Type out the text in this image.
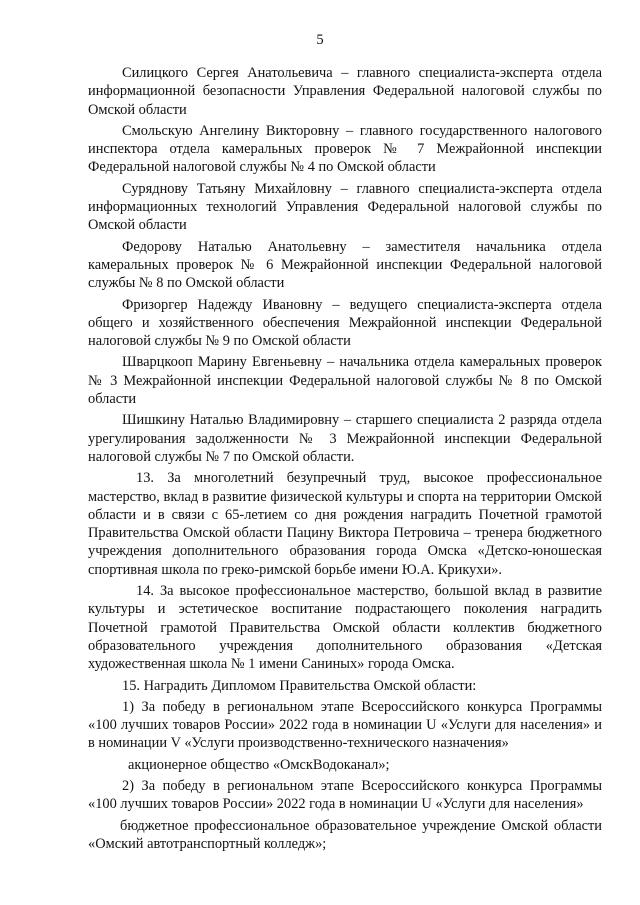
5

Силицкого Сергея Анатольевича – главного специалиста-эксперта отдела информационной безопасности Управления Федеральной налоговой службы по Омской области

Смольскую Ангелину Викторовну – главного государственного налогового инспектора отдела камеральных проверок № 7 Межрайонной инспекции Федеральной налоговой службы № 4 по Омской области

Суряднову Татьяну Михайловну – главного специалиста-эксперта отдела информационных технологий Управления Федеральной налоговой службы по Омской области

Федорову Наталью Анатольевну – заместителя начальника отдела камеральных проверок № 6 Межрайонной инспекции Федеральной налоговой службы № 8 по Омской области

Фризоргер Надежду Ивановну – ведущего специалиста-эксперта отдела общего и хозяйственного обеспечения Межрайонной инспекции Федеральной налоговой службы № 9 по Омской области

Шварцкооп Марину Евгеньевну – начальника отдела камеральных проверок № 3 Межрайонной инспекции Федеральной налоговой службы № 8 по Омской области

Шишкину Наталью Владимировну – старшего специалиста 2 разряда отдела урегулирования задолженности № 3 Межрайонной инспекции Федеральной налоговой службы № 7 по Омской области.

13. За многолетний безупречный труд, высокое профессиональное мастерство, вклад в развитие физической культуры и спорта на территории Омской области и в связи с 65-летием со дня рождения наградить Почетной грамотой Правительства Омской области Пацину Виктора Петровича – тренера бюджетного учреждения дополнительного образования города Омска «Детско-юношеская спортивная школа по греко-римской борьбе имени Ю.А. Крикухи».

14. За высокое профессиональное мастерство, большой вклад в развитие культуры и эстетическое воспитание подрастающего поколения наградить Почетной грамотой Правительства Омской области коллектив бюджетного образовательного учреждения дополнительного образования «Детская художественная школа № 1 имени Саниных» города Омска.

15. Наградить Дипломом Правительства Омской области:

1) За победу в региональном этапе Всероссийского конкурса Программы «100 лучших товаров России» 2022 года в номинации U «Услуги для населения» и в номинации V «Услуги производственно-технического назначения»

акционерное общество «ОмскВодоканал»;

2) За победу в региональном этапе Всероссийского конкурса Программы «100 лучших товаров России» 2022 года в номинации U «Услуги для населения»

бюджетное профессиональное образовательное учреждение Омской области «Омский автотранспортный колледж»;
